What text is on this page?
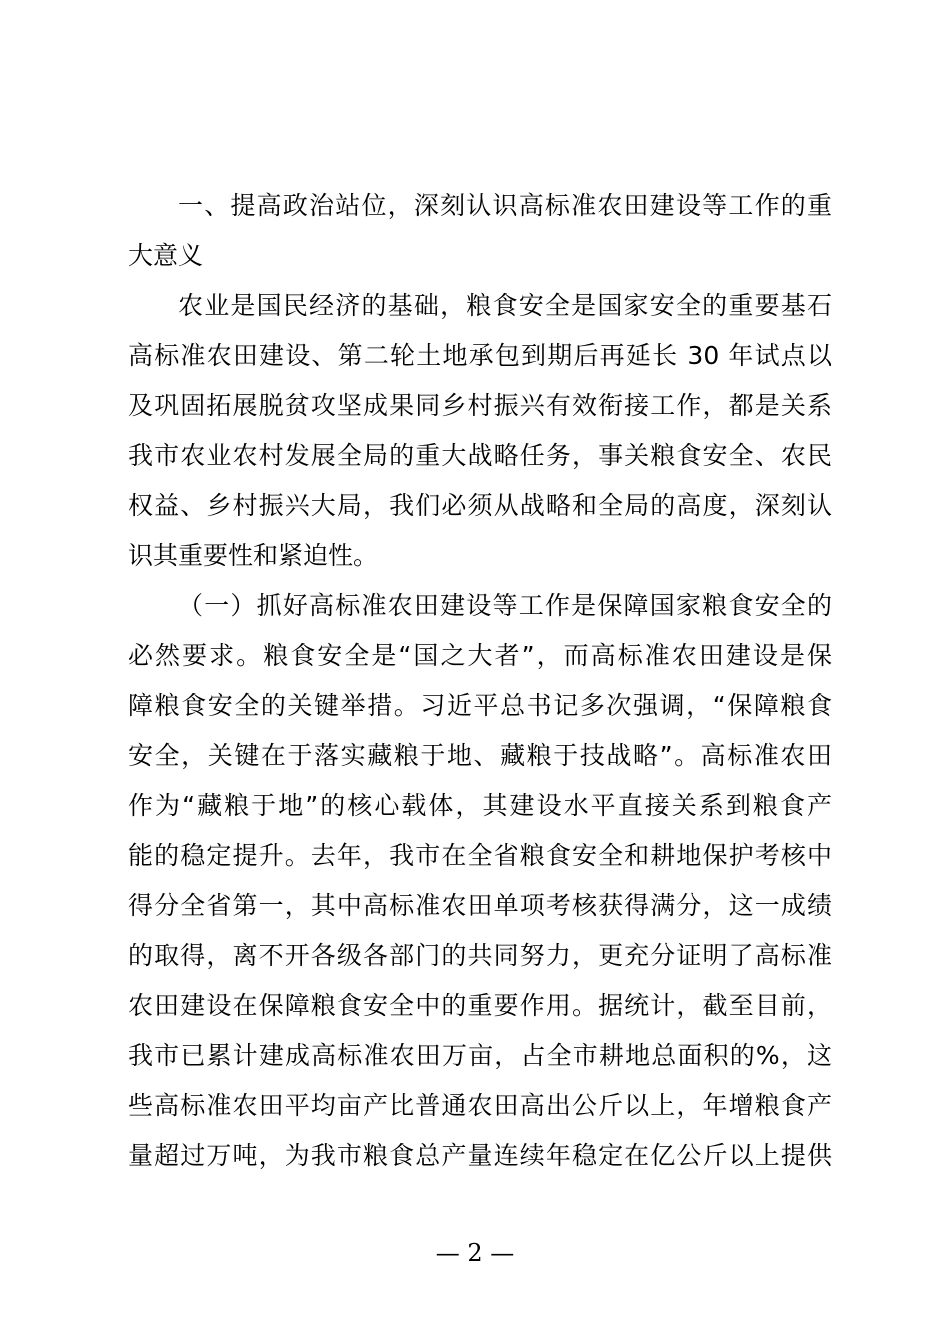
一、提高政治站位，深刻认识高标准农田建设等工作的重
大意义
农业是国民经济的基础，粮食安全是国家安全的重要基石
高标准农田建设、第二轮土地承包到期后再延长 30 年试点以
及巩固拓展脱贫攻坚成果同乡村振兴有效衔接工作，都是关系
我市农业农村发展全局的重大战略任务，事关粮食安全、农民
权益、乡村振兴大局，我们必须从战略和全局的高度，深刻认
识其重要性和紧迫性。
（一）抓好高标准农田建设等工作是保障国家粮食安全的
必然要求。粮食安全是“国之大者”，而高标准农田建设是保
障粮食安全的关键举措。习近平总书记多次强调，“保障粮食
安全，关键在于落实藏粮于地、藏粮于技战略”。高标准农田
作为“藏粮于地”的核心载体，其建设水平直接关系到粮食产
能的稳定提升。去年，我市在全省粮食安全和耕地保护考核中
得分全省第一，其中高标准农田单项考核获得满分，这一成绩
的取得，离不开各级各部门的共同努力，更充分证明了高标准
农田建设在保障粮食安全中的重要作用。据统计，截至目前，
我市已累计建成高标准农田万亩，占全市耕地总面积的%，这
些高标准农田平均亩产比普通农田高出公斤以上，年增粮食产
量超过万吨，为我市粮食总产量连续年稳定在亿公斤以上提供
— 2 —
